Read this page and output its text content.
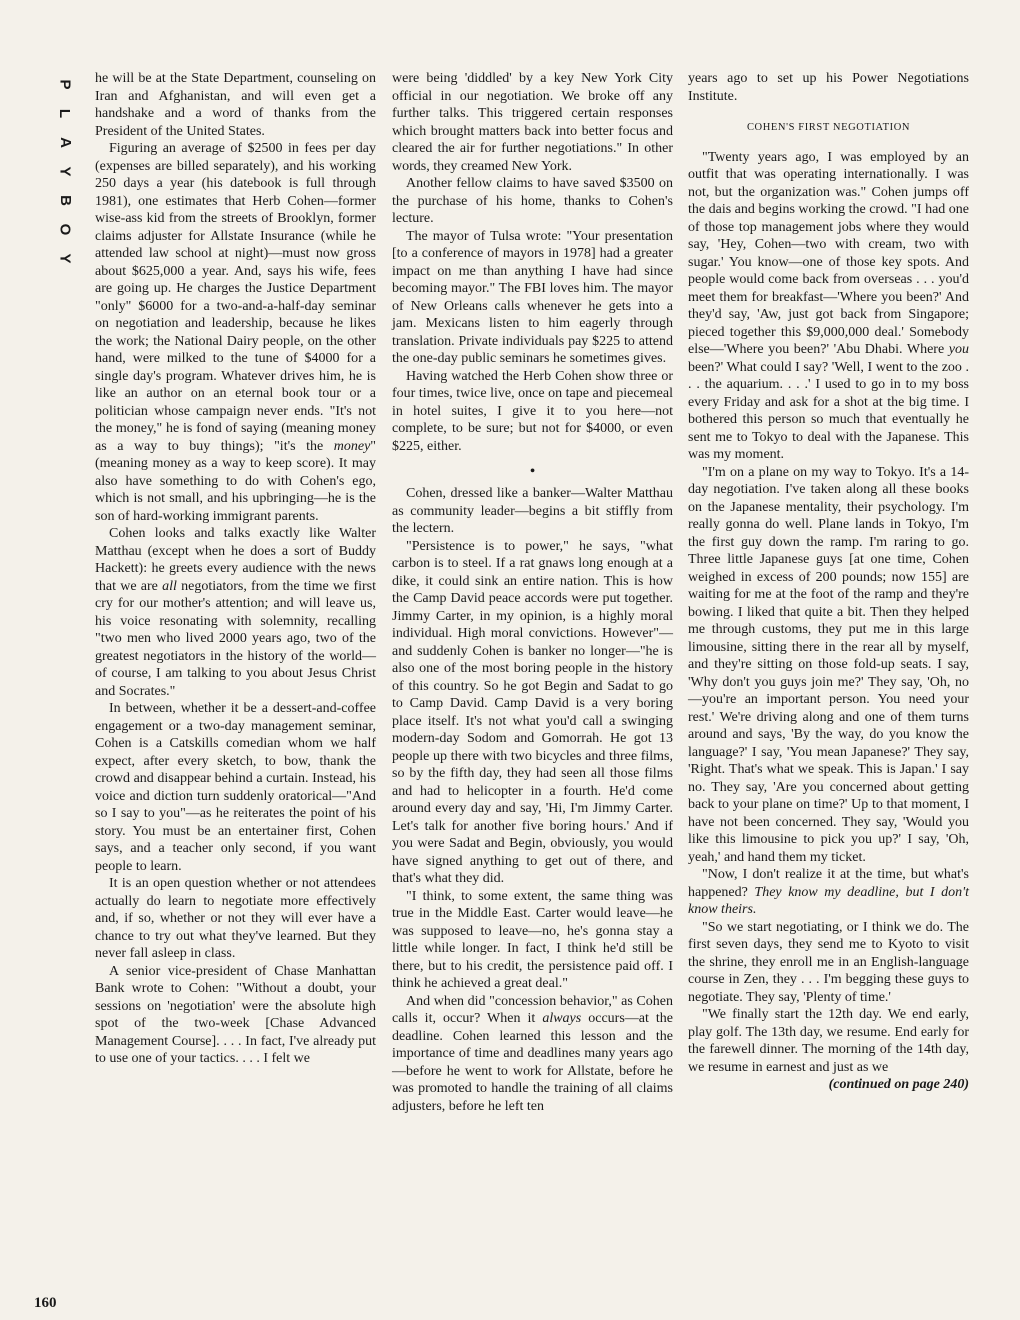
P
L
A
Y
B
O
Y
160

he will be at the State Department, counseling on Iran and Afghanistan, and will even get a handshake and a word of thanks from the President of the United States.

Figuring an average of $2500 in fees per day (expenses are billed separately), and his working 250 days a year (his datebook is full through 1981), one estimates that Herb Cohen—former wise-ass kid from the streets of Brooklyn, former claims adjuster for Allstate Insurance (while he attended law school at night)—must now gross about $625,000 a year. And, says his wife, fees are going up. He charges the Justice Department "only" $6000 for a two-and-a-half-day seminar on negotiation and leadership, because he likes the work; the National Dairy people, on the other hand, were milked to the tune of $4000 for a single day's program. Whatever drives him, he is like an author on an eternal book tour or a politician whose campaign never ends. "It's not the money," he is fond of saying (meaning money as a way to buy things); "it's the money" (meaning money as a way to keep score). It may also have something to do with Cohen's ego, which is not small, and his upbringing—he is the son of hard-working immigrant parents.

Cohen looks and talks exactly like Walter Matthau (except when he does a sort of Buddy Hackett): he greets every audience with the news that we are all negotiators, from the time we first cry for our mother's attention; and will leave us, his voice resonating with solemnity, recalling "two men who lived 2000 years ago, two of the greatest negotiators in the history of the world—of course, I am talking to you about Jesus Christ and Socrates."

In between, whether it be a dessert-and-coffee engagement or a two-day management seminar, Cohen is a Catskills comedian whom we half expect, after every sketch, to bow, thank the crowd and disappear behind a curtain. Instead, his voice and diction turn suddenly oratorical—"And so I say to you"—as he reiterates the point of his story. You must be an entertainer first, Cohen says, and a teacher only second, if you want people to learn.

It is an open question whether or not attendees actually do learn to negotiate more effectively and, if so, whether or not they will ever have a chance to try out what they've learned. But they never fall asleep in class.

A senior vice-president of Chase Manhattan Bank wrote to Cohen: "Without a doubt, your sessions on 'negotiation' were the absolute high spot of the two-week [Chase Advanced Management Course]. . . . In fact, I've already put to use one of your tactics. . . . I felt we

were being 'diddled' by a key New York City official in our negotiation. We broke off any further talks. This triggered certain responses which brought matters back into better focus and cleared the air for further negotiations." In other words, they creamed New York.

Another fellow claims to have saved $3500 on the purchase of his home, thanks to Cohen's lecture.

The mayor of Tulsa wrote: "Your presentation [to a conference of mayors in 1978] had a greater impact on me than anything I have had since becoming mayor." The FBI loves him. The mayor of New Orleans calls whenever he gets into a jam. Mexicans listen to him eagerly through translation. Private individuals pay $225 to attend the one-day public seminars he sometimes gives.

Having watched the Herb Cohen show three or four times, twice live, once on tape and piecemeal in hotel suites, I give it to you here—not complete, to be sure; but not for $4000, or even $225, either.

•

Cohen, dressed like a banker—Walter Matthau as community leader—begins a bit stiffly from the lectern.

"Persistence is to power," he says, "what carbon is to steel. If a rat gnaws long enough at a dike, it could sink an entire nation. This is how the Camp David peace accords were put together. Jimmy Carter, in my opinion, is a highly moral individual. High moral convictions. However"—and suddenly Cohen is banker no longer—"he is also one of the most boring people in the history of this country. So he got Begin and Sadat to go to Camp David. Camp David is a very boring place itself. It's not what you'd call a swinging modern-day Sodom and Gomorrah. He got 13 people up there with two bicycles and three films, so by the fifth day, they had seen all those films and had to helicopter in a fourth. He'd come around every day and say, 'Hi, I'm Jimmy Carter. Let's talk for another five boring hours.' And if you were Sadat and Begin, obviously, you would have signed anything to get out of there, and that's what they did.

"I think, to some extent, the same thing was true in the Middle East. Carter would leave—he was supposed to leave—no, he's gonna stay a little while longer. In fact, I think he'd still be there, but to his credit, the persistence paid off. I think he achieved a great deal."

And when did "concession behavior," as Cohen calls it, occur? When it always occurs—at the deadline. Cohen learned this lesson and the importance of time and deadlines many years ago—before he went to work for Allstate, before he was promoted to handle the training of all claims adjusters, before he left ten

years ago to set up his Power Negotiations Institute.

COHEN'S FIRST NEGOTIATION

"Twenty years ago, I was employed by an outfit that was operating internationally. I was not, but the organization was." Cohen jumps off the dais and begins working the crowd. "I had one of those top management jobs where they would say, 'Hey, Cohen—two with cream, two with sugar.' You know—one of those key spots. And people would come back from overseas . . . you'd meet them for breakfast—'Where you been?' And they'd say, 'Aw, just got back from Singapore; pieced together this $9,000,000 deal.' Somebody else—'Where you been?' 'Abu Dhabi. Where you been?' What could I say? 'Well, I went to the zoo . . . the aquarium. . . .' I used to go in to my boss every Friday and ask for a shot at the big time. I bothered this person so much that eventually he sent me to Tokyo to deal with the Japanese. This was my moment.

"I'm on a plane on my way to Tokyo. It's a 14-day negotiation. I've taken along all these books on the Japanese mentality, their psychology. I'm really gonna do well. Plane lands in Tokyo, I'm the first guy down the ramp. I'm raring to go. Three little Japanese guys [at one time, Cohen weighed in excess of 200 pounds; now 155] are waiting for me at the foot of the ramp and they're bowing. I liked that quite a bit. Then they helped me through customs, they put me in this large limousine, sitting there in the rear all by myself, and they're sitting on those fold-up seats. I say, 'Why don't you guys join me?' They say, 'Oh, no—you're an important person. You need your rest.' We're driving along and one of them turns around and says, 'By the way, do you know the language?' I say, 'You mean Japanese?' They say, 'Right. That's what we speak. This is Japan.' I say no. They say, 'Are you concerned about getting back to your plane on time?' Up to that moment, I have not been concerned. They say, 'Would you like this limousine to pick you up?' I say, 'Oh, yeah,' and hand them my ticket.

"Now, I don't realize it at the time, but what's happened? They know my deadline, but I don't know theirs.

"So we start negotiating, or I think we do. The first seven days, they send me to Kyoto to visit the shrine, they enroll me in an English-language course in Zen, they . . . I'm begging these guys to negotiate. They say, 'Plenty of time.'

"We finally start the 12th day. We end early, play golf. The 13th day, we resume. End early for the farewell dinner. The morning of the 14th day, we resume in earnest and just as we

(continued on page 240)
